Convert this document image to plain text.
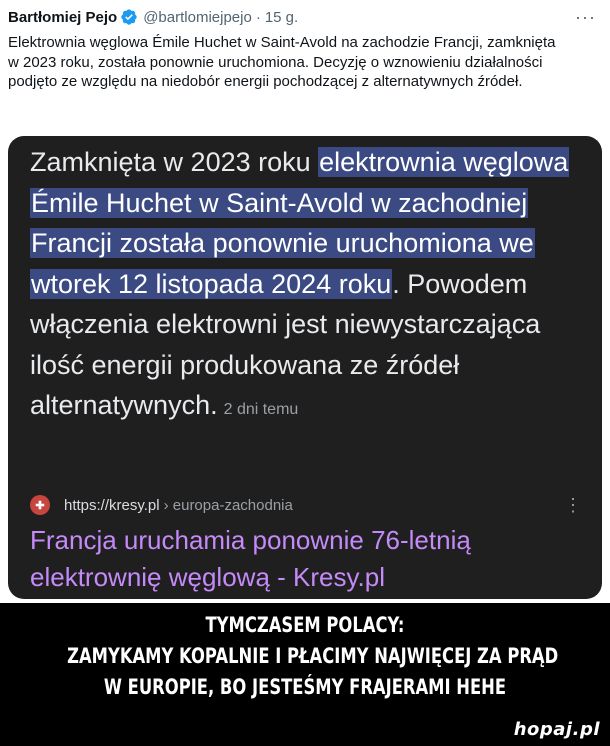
Bartłomiej Pejo @bartlomiejpejo · 15 g.	···
Elektrownia węglowa Émile Huchet w Saint-Avold na zachodzie Francji, zamknięta w 2023 roku, została ponownie uruchomiona. Decyzję o wznowieniu działalności podjęto ze względu na niedobór energii pochodzącej z alternatywnych źródeł.
Zamknięta w 2023 roku elektrownia węglowa Émile Huchet w Saint-Avold w zachodniej Francji została ponownie uruchomiona we wtorek 12 listopada 2024 roku. Powodem włączenia elektrowni jest niewystarczająca ilość energii produkowana ze źródeł alternatywnych. 2 dni temu
✚	https://kresy.pl › europa-zachodnia	⋮
Francja uruchamia ponownie 76-letnią elektrownię węglową - Kresy.pl
TYMCZASEM POLACY:
ZAMYKAMY KOPALNIE I PŁACIMY NAJWIĘCEJ ZA PRĄD
W EUROPIE, BO JESTEŚMY FRAJERAMI HEHE
hopaj.pl
